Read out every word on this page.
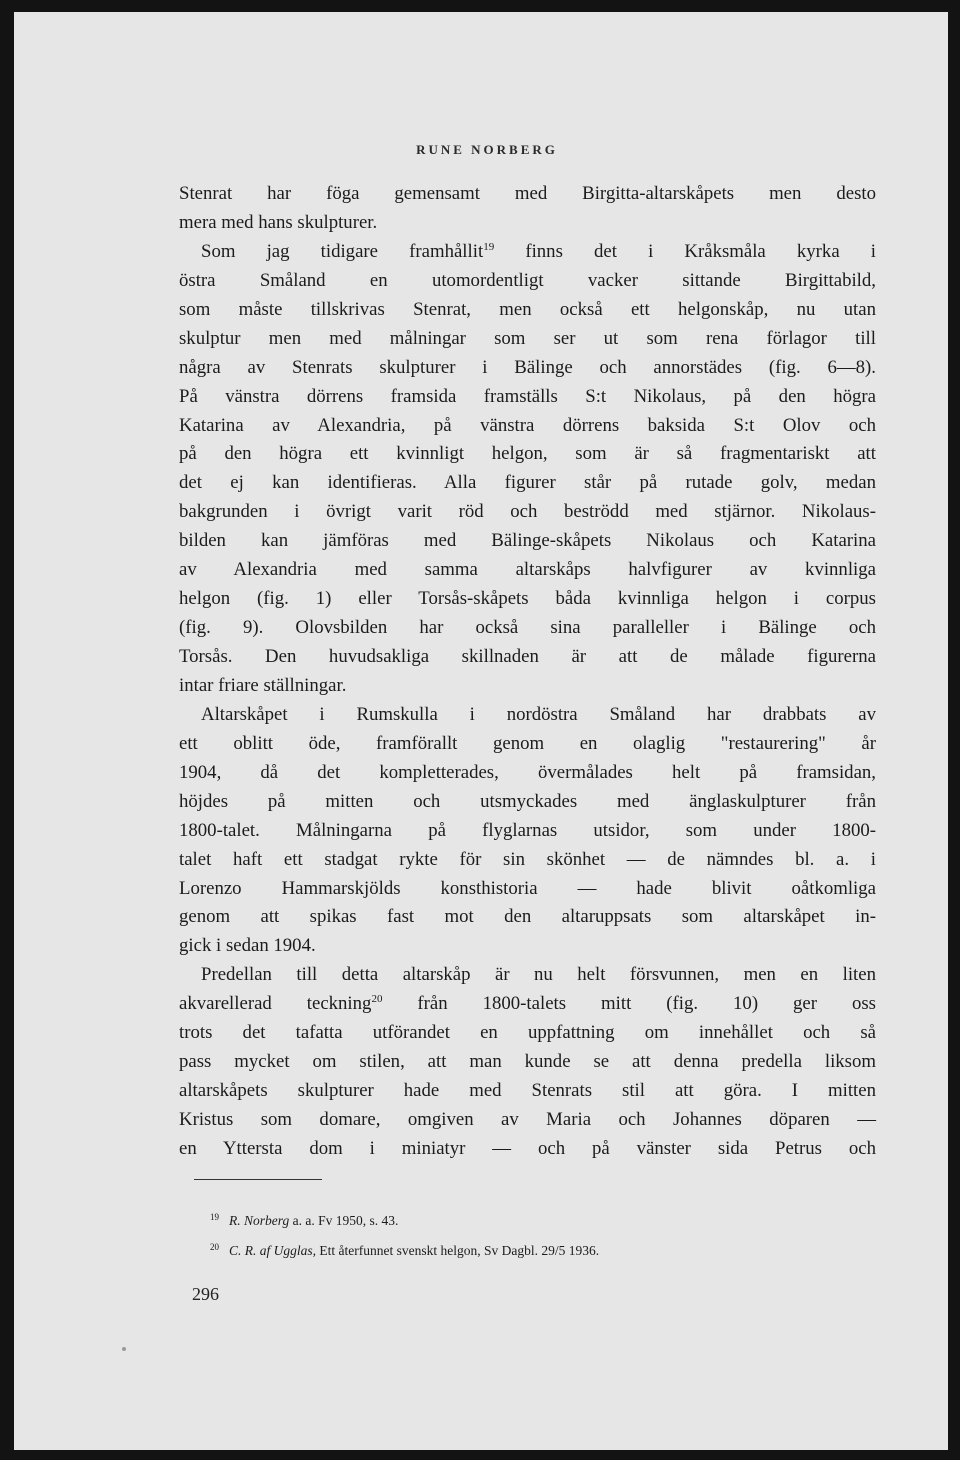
RUNE NORBERG
Stenrat har föga gemensamt med Birgitta-altarskåpets men desto
mera med hans skulpturer.
Som jag tidigare framhållit$^{19}$ finns det i Kråksmåla kyrka i
östra Småland en utomordentligt vacker sittande Birgittabild,
som måste tillskrivas Stenrat, men också ett helgonskåp, nu utan
skulptur men med målningar som ser ut som rena förlagor till
några av Stenrats skulpturer i Bälinge och annorstädes (fig. 6—8).
På vänstra dörrens framsida framställs S:t Nikolaus, på den högra
Katarina av Alexandria, på vänstra dörrens baksida S:t Olov och
på den högra ett kvinnligt helgon, som är så fragmentariskt att
det ej kan identifieras. Alla figurer står på rutade golv, medan
bakgrunden i övrigt varit röd och beströdd med stjärnor. Nikolaus-
bilden kan jämföras med Bälinge-skåpets Nikolaus och Katarina
av Alexandria med samma altarskåps halvfigurer av kvinnliga
helgon (fig. 1) eller Torsås-skåpets båda kvinnliga helgon i corpus
(fig. 9). Olovsbilden har också sina paralleller i Bälinge och
Torsås. Den huvudsakliga skillnaden är att de målade figurerna
intar friare ställningar.
Altarskåpet i Rumskulla i nordöstra Småland har drabbats av
ett oblitt öde, framförallt genom en olaglig "restaurering" år
1904, då det kompletterades, övermålades helt på framsidan,
höjdes på mitten och utsmyckades med änglaskulpturer från
1800-talet. Målningarna på flyglarnas utsidor, som under 1800-
talet haft ett stadgat rykte för sin skönhet — de nämndes bl. a. i
Lorenzo Hammarskjölds konsthistoria — hade blivit oåtkomliga
genom att spikas fast mot den altaruppsats som altarskåpet in-
gick i sedan 1904.
Predellan till detta altarskåp är nu helt försvunnen, men en liten
akvarellerad teckning$^{20}$ från 1800-talets mitt (fig. 10) ger oss
trots det tafatta utförandet en uppfattning om innehållet och så
pass mycket om stilen, att man kunde se att denna predella liksom
altarskåpets skulpturer hade med Stenrats stil att göra. I mitten
Kristus som domare, omgiven av Maria och Johannes döparen —
en Yttersta dom i miniatyr — och på vänster sida Petrus och
$^{19}$ R. Norberg a. a. Fv 1950, s. 43.
$^{20}$ C. R. af Ugglas, Ett återfunnet svenskt helgon, Sv Dagbl. 29/5 1936.
296
